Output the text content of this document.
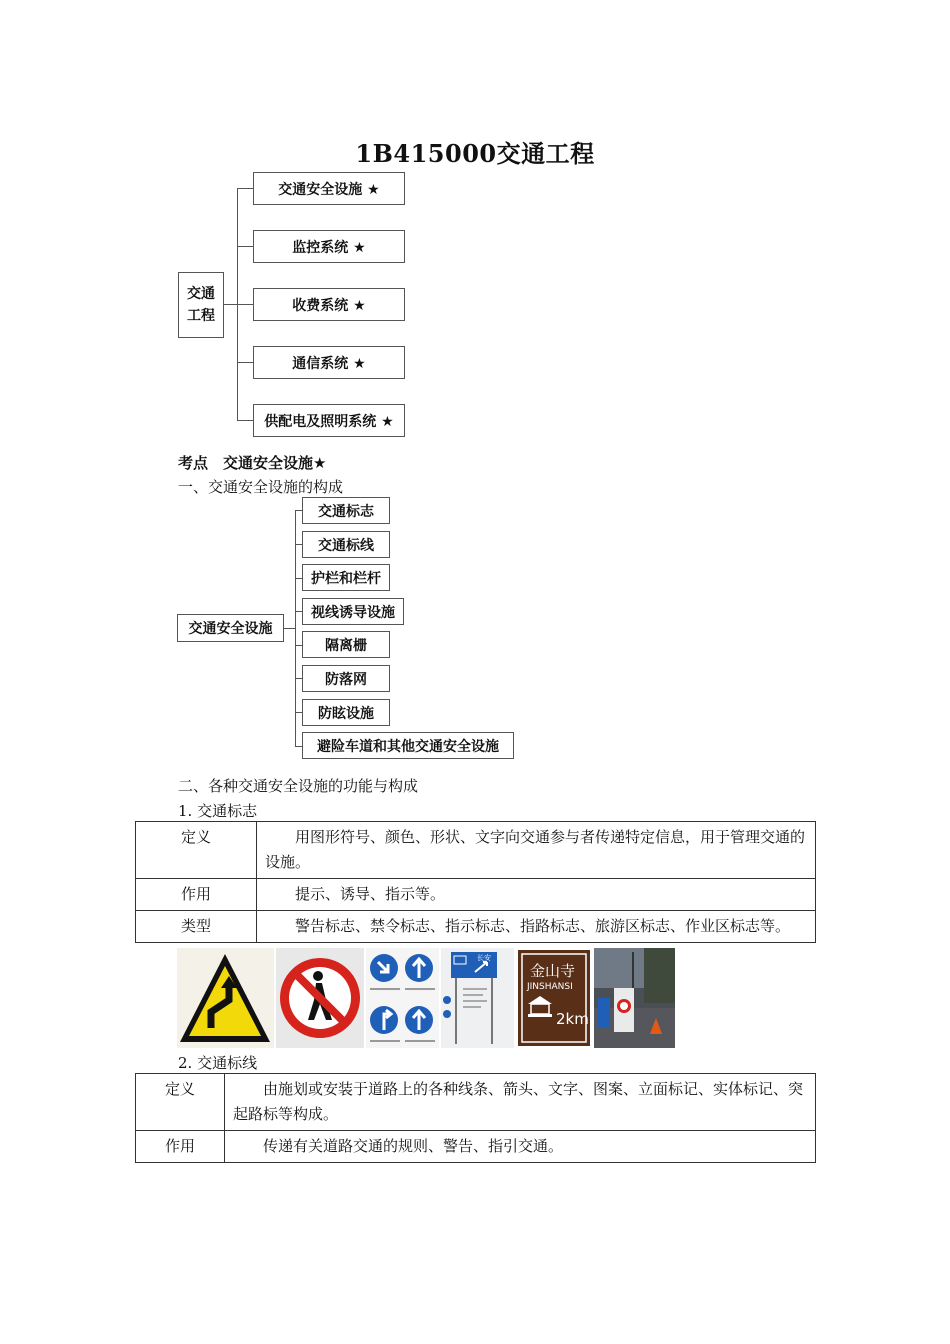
1B415000交通工程
交通
工程
交通安全设施 ★
监控系统 ★
收费系统 ★
通信系统 ★
供配电及照明系统 ★
考点　交通安全设施★
一、交通安全设施的构成
交通安全设施
交通标志
交通标线
护栏和栏杆
视线诱导设施
隔离栅
防落网
防眩设施
避险车道和其他交通安全设施
二、各种交通安全设施的功能与构成
1. 交通标志
定义	用图形符号、颜色、形状、文字向交通参与者传递特定信息，用于管理交通的设施。
作用	提示、诱导、指示等。
类型	警告标志、禁令标志、指示标志、指路标志、旅游区标志、作业区标志等。
长安
金山寺
JINSHANSI
2km
2. 交通标线
定义	由施划或安装于道路上的各种线条、箭头、文字、图案、立面标记、实体标记、突起路标等构成。
作用	传递有关道路交通的规则、警告、指引交通。
